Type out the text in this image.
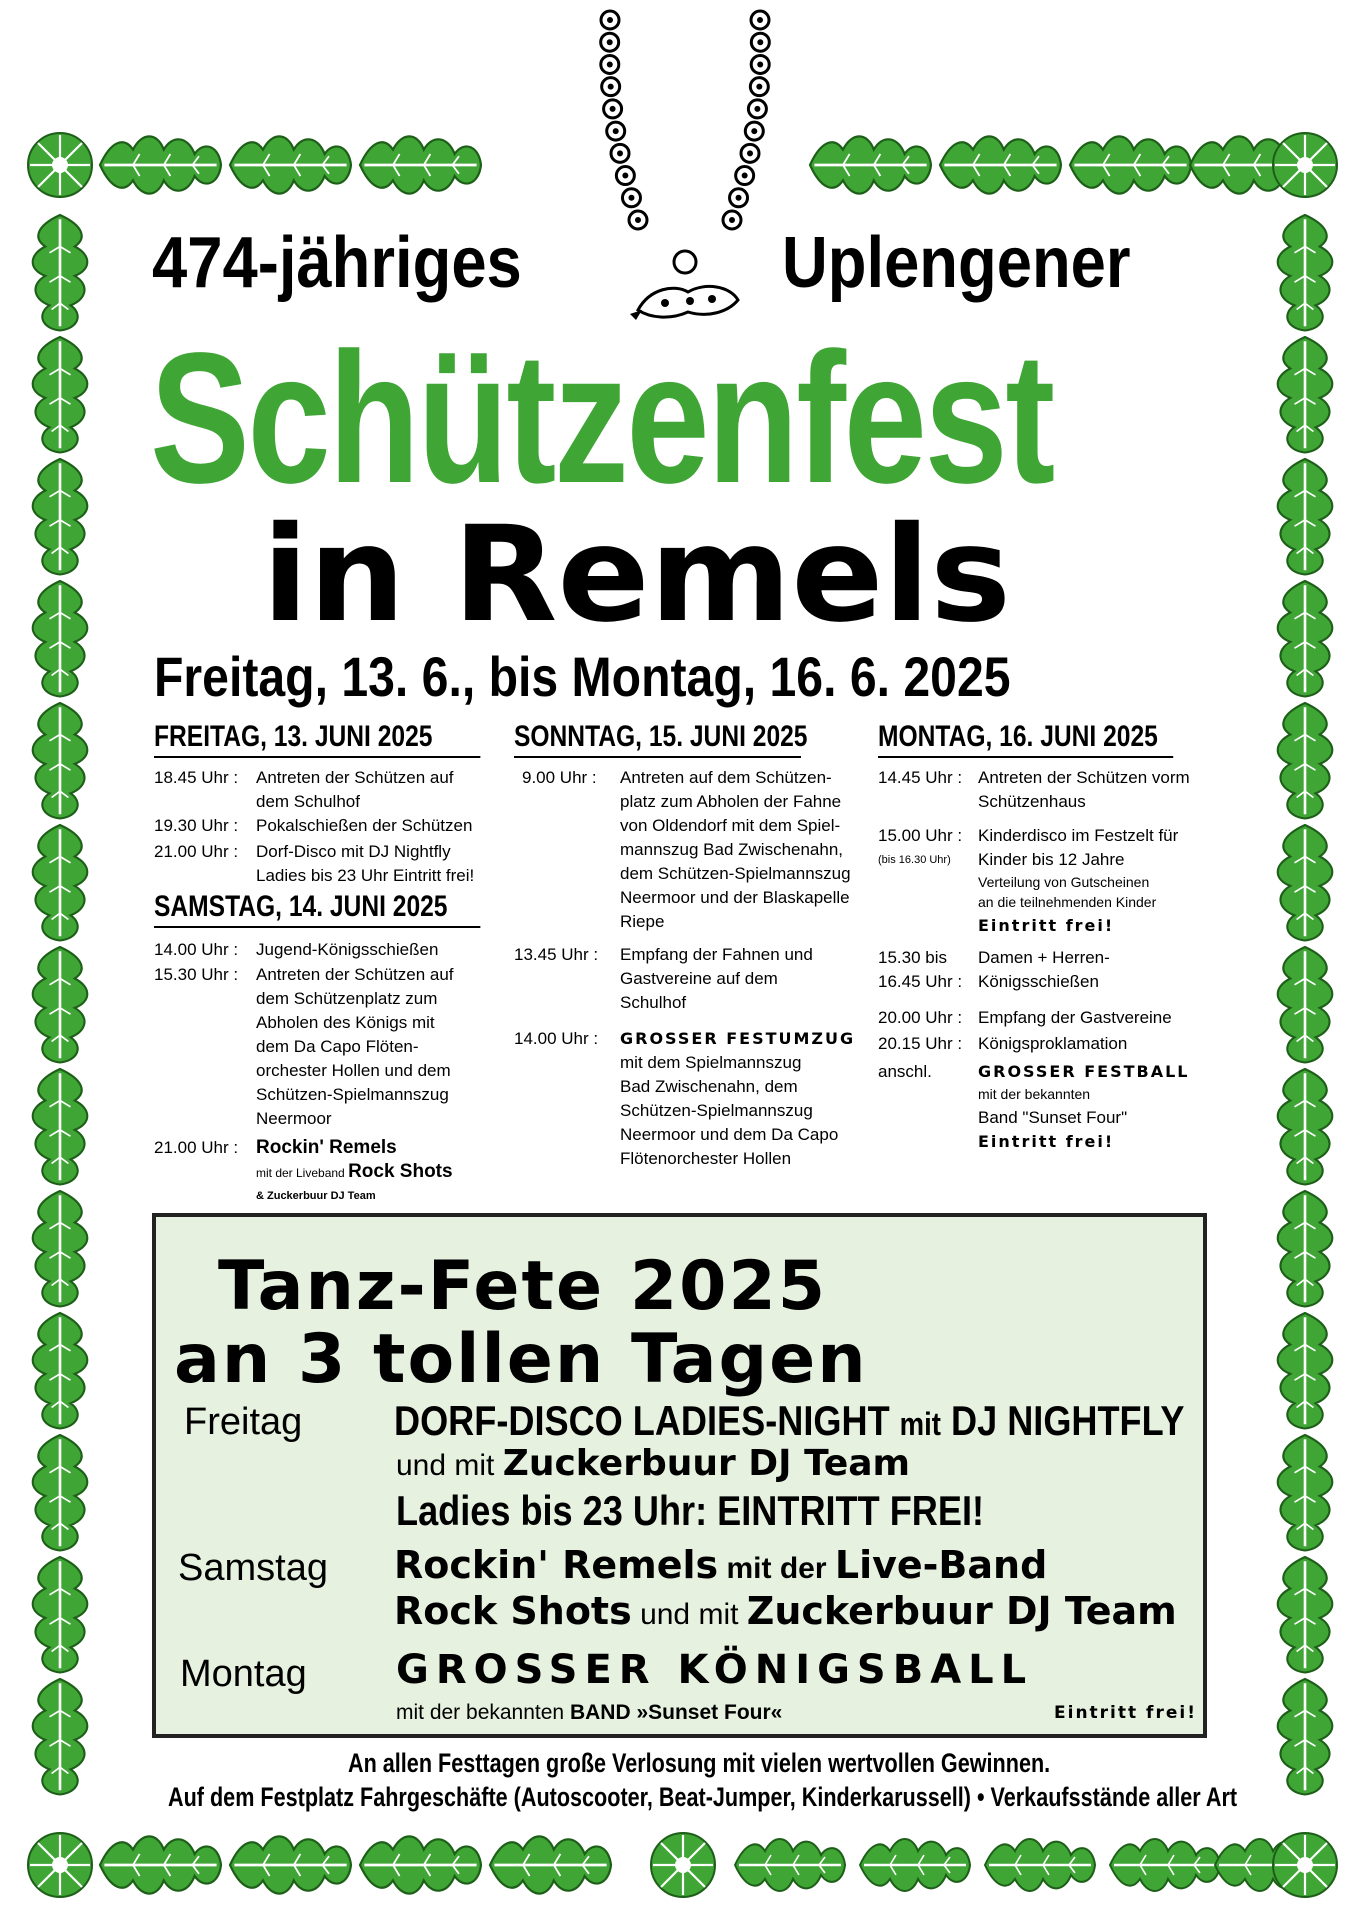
474-jähriges	Uplengener
Schützenfest
in Remels
Freitag, 13. 6., bis Montag, 16. 6. 2025
FREITAG, 13. JUNI 2025
18.45 Uhr : Antreten der Schützen auf
dem Schulhof
19.30 Uhr : Pokalschießen der Schützen
21.00 Uhr : Dorf-Disco mit DJ Nightfly
Ladies bis 23 Uhr Eintritt frei!
SAMSTAG, 14. JUNI 2025
14.00 Uhr : Jugend-Königsschießen
15.30 Uhr : Antreten der Schützen auf
dem Schützenplatz zum
Abholen des Königs mit
dem Da Capo Flöten-
orchester Hollen und dem
Schützen-Spielmannszug
Neermoor
21.00 Uhr : Rockin' Remels
mit der Liveband Rock Shots
& Zuckerbuur DJ Team
SONNTAG, 15. JUNI 2025
9.00 Uhr : Antreten auf dem Schützen-
platz zum Abholen der Fahne
von Oldendorf mit dem Spiel-
mannszug Bad Zwischenahn,
dem Schützen-Spielmannszug
Neermoor und der Blaskapelle
Riepe
13.45 Uhr : Empfang der Fahnen und
Gastvereine auf dem
Schulhof
14.00 Uhr : GROSSER FESTUMZUG
mit dem Spielmannszug
Bad Zwischenahn, dem
Schützen-Spielmannszug
Neermoor und dem Da Capo
Flötenorchester Hollen
MONTAG, 16. JUNI 2025
14.45 Uhr : Antreten der Schützen vorm
Schützenhaus
15.00 Uhr :
(bis 16.30 Uhr)
Kinderdisco im Festzelt für
Kinder bis 12 Jahre
Verteilung von Gutscheinen
an die teilnehmenden Kinder
Eintritt frei!
15.30 bis
16.45 Uhr :
Damen + Herren-
Königsschießen
20.00 Uhr : Empfang der Gastvereine
20.15 Uhr : Königsproklamation
anschl.	GROSSER FESTBALL
mit der bekannten
Band "Sunset Four"
Eintritt frei!
Tanz-Fete 2025
an 3 tollen Tagen
Freitag DORF-DISCO LADIES-NIGHT mit DJ NIGHTFLY
und mit Zuckerbuur DJ Team
Ladies bis 23 Uhr: EINTRITT FREI!
Samstag Rockin' Remels mit der Live-Band
Rock Shots und mit Zuckerbuur DJ Team
Montag GROSSER KÖNIGSBALL
mit der bekannten BAND »Sunset Four«	Eintritt frei!
An allen Festtagen große Verlosung mit vielen wertvollen Gewinnen.
Auf dem Festplatz Fahrgeschäfte (Autoscooter, Beat-Jumper, Kinderkarussell) • Verkaufsstände aller Art
